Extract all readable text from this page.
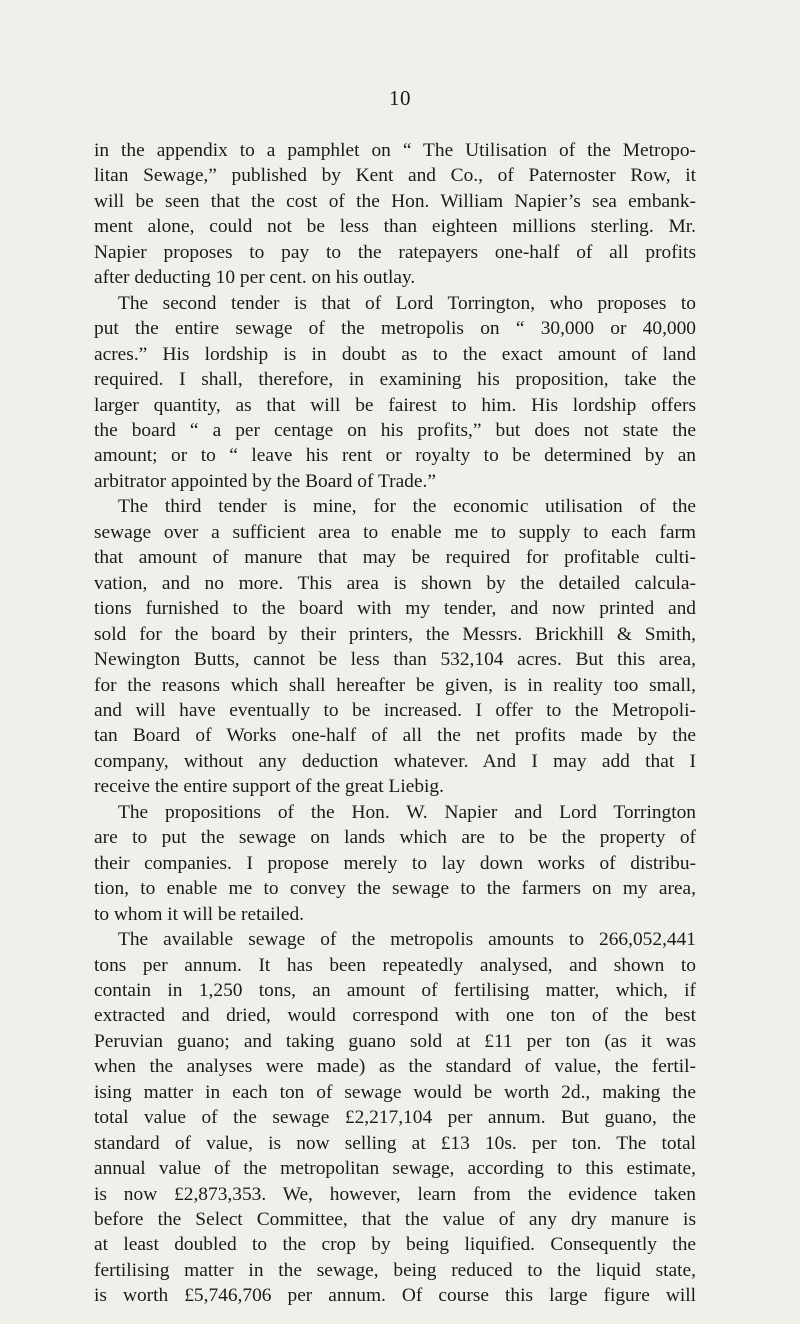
10
in the appendix to a pamphlet on “ The Utilisation of the Metropo-
litan Sewage,” published by Kent and Co., of Paternoster Row, it
will be seen that the cost of the Hon. William Napier’s sea embank-
ment alone, could not be less than eighteen millions sterling. Mr.
Napier proposes to pay to the ratepayers one-half of all profits
after deducting 10 per cent. on his outlay.
The second tender is that of Lord Torrington, who proposes to
put the entire sewage of the metropolis on “ 30,000 or 40,000
acres.” His lordship is in doubt as to the exact amount of land
required. I shall, therefore, in examining his proposition, take the
larger quantity, as that will be fairest to him. His lordship offers
the board “ a per centage on his profits,” but does not state the
amount; or to “ leave his rent or royalty to be determined by an
arbitrator appointed by the Board of Trade.”
The third tender is mine, for the economic utilisation of the
sewage over a sufficient area to enable me to supply to each farm
that amount of manure that may be required for profitable culti-
vation, and no more. This area is shown by the detailed calcula-
tions furnished to the board with my tender, and now printed and
sold for the board by their printers, the Messrs. Brickhill & Smith,
Newington Butts, cannot be less than 532,104 acres. But this area,
for the reasons which shall hereafter be given, is in reality too small,
and will have eventually to be increased. I offer to the Metropoli-
tan Board of Works one-half of all the net profits made by the
company, without any deduction whatever. And I may add that I
receive the entire support of the great Liebig.
The propositions of the Hon. W. Napier and Lord Torrington
are to put the sewage on lands which are to be the property of
their companies. I propose merely to lay down works of distribu-
tion, to enable me to convey the sewage to the farmers on my area,
to whom it will be retailed.
The available sewage of the metropolis amounts to 266,052,441
tons per annum. It has been repeatedly analysed, and shown to
contain in 1,250 tons, an amount of fertilising matter, which, if
extracted and dried, would correspond with one ton of the best
Peruvian guano; and taking guano sold at £11 per ton (as it was
when the analyses were made) as the standard of value, the fertil-
ising matter in each ton of sewage would be worth 2d., making the
total value of the sewage £2,217,104 per annum. But guano, the
standard of value, is now selling at £13 10s. per ton. The total
annual value of the metropolitan sewage, according to this estimate,
is now £2,873,353. We, however, learn from the evidence taken
before the Select Committee, that the value of any dry manure is
at least doubled to the crop by being liquified. Consequently the
fertilising matter in the sewage, being reduced to the liquid state,
is worth £5,746,706 per annum. Of course this large figure will
